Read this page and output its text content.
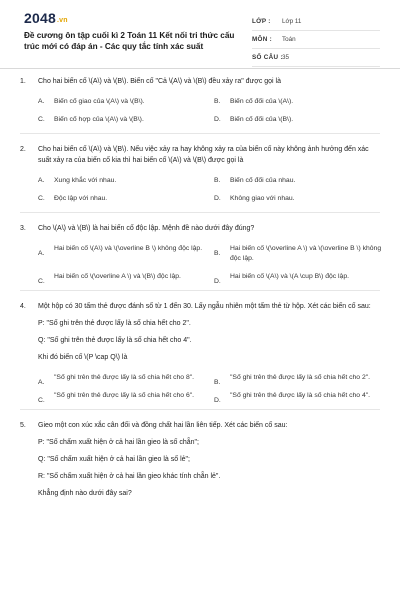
2048.vn
Đề cương ôn tập cuối kì 2 Toán 11 Kết nối tri thức cấu trúc mới có đáp án - Các quy tắc tính xác suất
LỚP : Lớp 11
MÔN : Toán
SỐ CÂU : 35
1. Cho hai biến cố \(A\) và \(B\). Biến cố "Cả \(A\) và \(B\) đều xảy ra" được gọi là
A. Biến cố giao của \(A\) và \(B\).	B. Biến cố đối của \(A\).
C. Biến cố hợp của \(A\) và \(B\).	D. Biến cố đối của \(B\).
2. Cho hai biến cố \(A\) và \(B\). Nếu việc xảy ra hay không xảy ra của biến cố này không ảnh hưởng đến xác suất xảy ra của biến cố kia thì hai biến cố \(A\) và \(B\) được gọi là
A. Xung khắc với nhau.	B. Biến cố đối của nhau.
C. Độc lập với nhau.	D. Không giao với nhau.
3. Cho \(A\) và \(B\) là hai biến cố độc lập. Mệnh đề nào dưới đây đúng?
A.
Hai biến cố \(A\) và \(\overline B \) không độc lập.
B.
Hai biến cố \(\overline A \) và \(\overline B \) không độc lập.
C.
Hai biến cố \(\overline A \) và \(B\) độc lập.
D.
Hai biến cố \(A\) và \(A \cup B\) độc lập.
4. Một hộp có 30 tấm thẻ được đánh số từ 1 đến 30. Lấy ngẫu nhiên một tấm thẻ từ hộp. Xét các biến cố sau:
P: "Số ghi trên thẻ được lấy là số chia hết cho 2".
Q: "Số ghi trên thẻ được lấy là số chia hết cho 4".
Khi đó biến cố \(P \cap Q\) là
A.
"Số ghi trên thẻ được lấy là số chia hết cho 8".
B.
"Số ghi trên thẻ được lấy là số chia hết cho 2".
C.
"Số ghi trên thẻ được lấy là số chia hết cho 6".
D.
"Số ghi trên thẻ được lấy là số chia hết cho 4".
5. Gieo một con xúc xắc cân đối và đồng chất hai lần liên tiếp. Xét các biến cố sau:
P: "Số chấm xuất hiện ở cả hai lần gieo là số chẵn";
Q: "Số chấm xuất hiện ở cả hai lần gieo là số lẻ";
R: "Số chấm xuất hiện ở cả hai lần gieo khác tính chẵn lẻ".
Khẳng định nào dưới đây sai?
